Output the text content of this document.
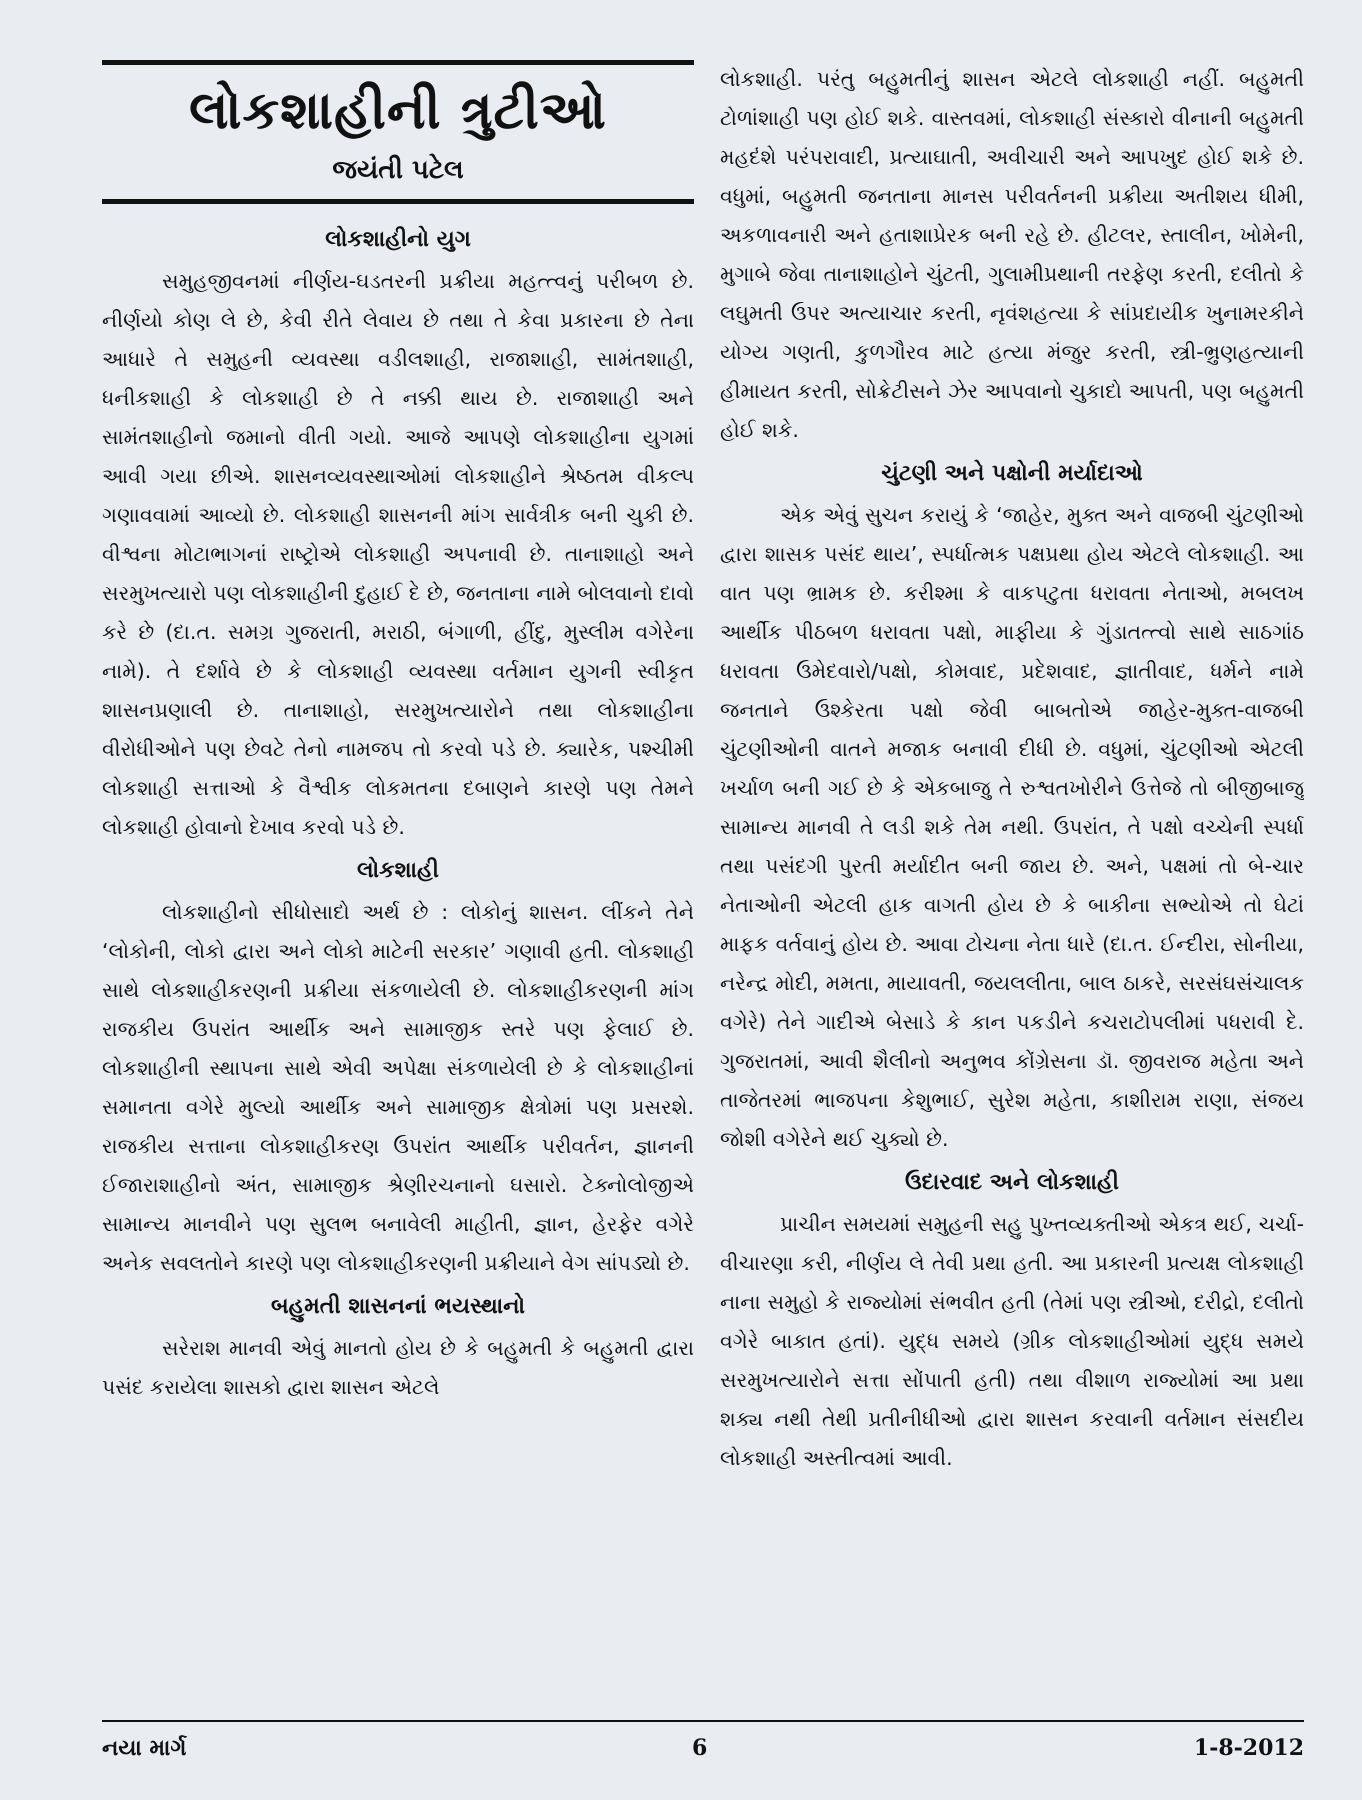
લોકશાહીની ત્રુટીઓ
જયંતી પટેલ
લોકશાહીનો યુગ

સમુહજીવનમાં નીર્ણય-ઘડતરની પ્રક્રીયા મહત્ત્વનું પરીબળ છે. નીર્ણયો કોણ લે છે, કેવી રીતે લેવાય છે તથા તે કેવા પ્રકારના છે તેના આધારે તે સમુહની વ્યવસ્થા વડીલશાહી, રાજાશાહી, સામંતશાહી, ધનીકશાહી કે લોકશાહી છે તે નક્કી થાય છે. રાજાશાહી અને સામંતશાહીનો જમાનો વીતી ગયો. આજે આપણે લોકશાહીના યુગમાં આવી ગયા છીએ. શાસનવ્યવસ્થાઓમાં લોકશાહીને શ્રેષ્ઠતમ વીકલ્પ ગણાવવામાં આવ્યો છે. લોકશાહી શાસનની માંગ સાર્વત્રીક બની ચુકી છે. વીશ્વના મોટાભાગનાં રાષ્ટ્રોએ લોકશાહી અપનાવી છે. તાનાશાહો અને સરમુખત્યારો પણ લોકશાહીની દુહાઈ દે છે, જનતાના નામે બોલવાનો દાવો કરે છે (દા.ત. સમગ્ર ગુજરાતી, મરાઠી, બંગાળી, હીંદુ, મુસ્લીમ વગેરેના નામે). તે દર્શાવે છે કે લોકશાહી વ્યવસ્થા વર્તમાન યુગની સ્વીકૃત શાસનપ્રણાલી છે. તાનાશાહો, સરમુખત્યારોને તથા લોકશાહીના વીરોધીઓને પણ છેવટે તેનો નામજપ તો કરવો પડે છે. ક્યારેક, પશ્ચીમી લોકશાહી સત્તાઓ કે વૈશ્વીક લોકમતના દબાણને કારણે પણ તેમને લોકશાહી હોવાનો દેખાવ કરવો પડે છે.

લોકશાહી

લોકશાહીનો સીધોસાદો અર્થ છે : લોકોનું શાસન. લીંકને તેને ‘લોકોની, લોકો દ્વારા અને લોકો માટેની સરકાર’ ગણાવી હતી. લોકશાહી સાથે લોકશાહીકરણની પ્રક્રીયા સંકળાયેલી છે. લોકશાહીકરણની માંગ રાજકીય ઉપરાંત આર્થીક અને સામાજીક સ્તરે પણ ફેલાઈ છે. લોકશાહીની સ્થાપના સાથે એવી અપેક્ષા સંકળાયેલી છે કે લોકશાહીનાં સમાનતા વગેરે મુલ્યો આર્થીક અને સામાજીક ક્ષેત્રોમાં પણ પ્રસરશે. રાજકીય સત્તાના લોકશાહીકરણ ઉપરાંત આર્થીક પરીવર્તન, જ્ઞાનની ઈજારાશાહીનો અંત, સામાજીક શ્રેણીરચનાનો ઘસારો. ટેક્નોલોજીએ સામાન્ય માનવીને પણ સુલભ બનાવેલી માહીતી, જ્ઞાન, હેરફેર વગેરે અનેક સવલતોને કારણે પણ લોકશાહીકરણની પ્રક્રીયાને વેગ સાંપડ્યો છે.

બહુમતી શાસનનાં ભયસ્થાનો

સરેરાશ માનવી એવું માનતો હોય છે કે બહુમતી કે બહુમતી દ્વારા પસંદ કરાયેલા શાસકો દ્વારા શાસન એટલે

લોકશાહી. પરંતુ બહુમતીનું શાસન એટલે લોકશાહી નહીં. બહુમતી ટોળાંશાહી પણ હોઈ શકે. વાસ્તવમાં, લોકશાહી સંસ્કારો વીનાની બહુમતી મહદંશે પરંપરાવાદી, પ્રત્યાઘાતી, અવીચારી અને આપખુદ હોઈ શકે છે. વધુમાં, બહુમતી જનતાના માનસ પરીવર્તનની પ્રક્રીયા અતીશય ધીમી, અકળાવનારી અને હતાશાપ્રેરક બની રહે છે. હીટલર, સ્તાલીન, ખોમેની, મુગાબે જેવા તાનાશાહોને ચુંટતી, ગુલામીપ્રથાની તરફેણ કરતી, દલીતો કે લઘુમતી ઉપર અત્યાચાર કરતી, નૃવંશહત્યા કે સાંપ્રદાયીક ખુનામરકીને યોગ્ય ગણતી, કુળગૌરવ માટે હત્યા મંજુર કરતી, સ્ત્રી-ભ્રુણહત્યાની હીમાયત કરતી, સોક્રેટીસને ઝેર આપવાનો ચુકાદો આપતી, પણ બહુમતી હોઈ શકે.

ચુંટણી અને પક્ષોની મર્યાદાઓ

એક એવું સુચન કરાયું કે ‘જાહેર, મુક્ત અને વાજબી ચુંટણીઓ દ્વારા શાસક પસંદ થાય’, સ્પર્ધાત્મક પક્ષપ્રથા હોય એટલે લોકશાહી. આ વાત પણ ભ્રામક છે. કરીશ્મા કે વાકપટુતા ધરાવતા નેતાઓ, મબલખ આર્થીક પીઠબળ ધરાવતા પક્ષો, માફીયા કે ગુંડાતત્ત્વો સાથે સાઠગાંઠ ધરાવતા ઉમેદવારો/પક્ષો, કોમવાદ, પ્રદેશવાદ, જ્ઞાતીવાદ, ધર્મને નામે જનતાને ઉશ્કેરતા પક્ષો જેવી બાબતોએ જાહેર-મુક્ત-વાજબી ચુંટણીઓની વાતને મજાક બનાવી દીધી છે. વધુમાં, ચુંટણીઓ એટલી ખર્ચાળ બની ગઈ છે કે એકબાજુ તે રુશ્વતખોરીને ઉત્તેજે તો બીજીબાજુ સામાન્ય માનવી તે લડી શકે તેમ નથી. ઉપરાંત, તે પક્ષો વચ્ચેની સ્પર્ધા તથા પસંદગી પુરતી મર્યાદીત બની જાય છે. અને, પક્ષમાં તો બે-ચાર નેતાઓની એટલી હાક વાગતી હોય છે કે બાકીના સભ્યોએ તો ઘેટાં માફક વર્તવાનું હોય છે. આવા ટોચના નેતા ધારે (દા.ત. ઈન્દીરા, સોનીયા, નરેન્દ્ર મોદી, મમતા, માયાવતી, જયલલીતા, બાલ ઠાકરે, સરસંઘસંચાલક વગેરે) તેને ગાદીએ બેસાડે કે કાન પકડીને કચરાટોપલીમાં પધરાવી દે. ગુજરાતમાં, આવી શૈલીનો અનુભવ કોંગ્રેસના ડૉ. જીવરાજ મહેતા અને તાજેતરમાં ભાજપના કેશુભાઈ, સુરેશ મહેતા, કાશીરામ રાણા, સંજય જોશી વગેરેને થઈ ચુક્યો છે.

ઉદારવાદ અને લોકશાહી

પ્રાચીન સમયમાં સમુહની સહુ પુખ્તવ્યક્તીઓ એકત્ર થઈ, ચર્ચા-વીચારણા કરી, નીર્ણય લે તેવી પ્રથા હતી. આ પ્રકારની પ્રત્યક્ષ લોકશાહી નાના સમુહો કે રાજ્યોમાં સંભવીત હતી (તેમાં પણ સ્ત્રીઓ, દરીદ્રો, દલીતો વગેરે બાકાત હતાં). યુદ્ધ સમયે (ગ્રીક લોકશાહીઓમાં યુદ્ધ સમયે સરમુખત્યારોને સત્તા સોંપાતી હતી) તથા વીશાળ રાજ્યોમાં આ પ્રથા શક્ય નથી તેથી પ્રતીનીધીઓ દ્વારા શાસન કરવાની વર્તમાન સંસદીય લોકશાહી અસ્તીત્વમાં આવી.

નયા માર્ગ	6	1-8-2012
